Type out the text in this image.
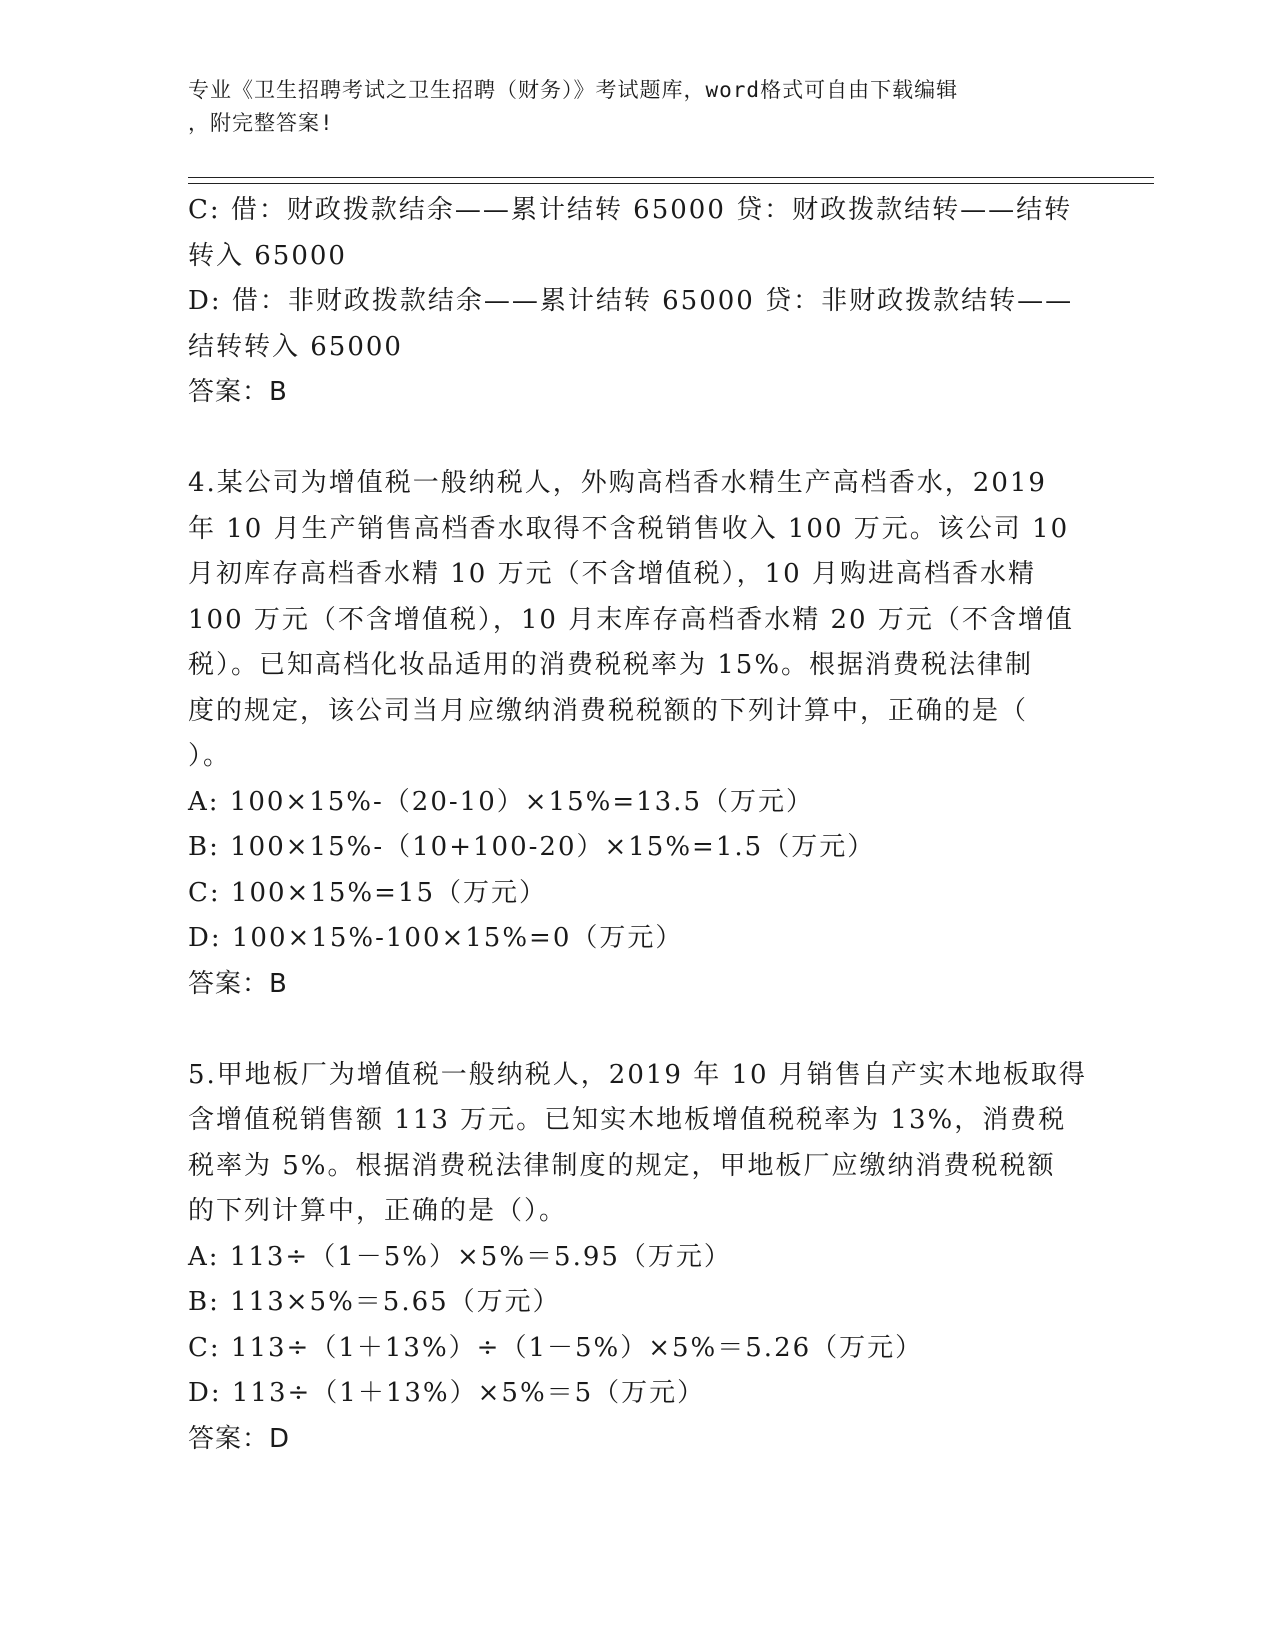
专业《卫生招聘考试之卫生招聘（财务）》考试题库，word格式可自由下载编辑
，附完整答案!
C: 借：财政拨款结余——累计结转 65000 贷：财政拨款结转——结转
转入 65000
D: 借：非财政拨款结余——累计结转 65000 贷：非财政拨款结转——
结转转入 65000
答案：B
4.某公司为增值税一般纳税人，外购高档香水精生产高档香水，2019
年 10 月生产销售高档香水取得不含税销售收入 100 万元。该公司 10
月初库存高档香水精 10 万元（不含增值税），10 月购进高档香水精
100 万元（不含增值税），10 月末库存高档香水精 20 万元（不含增值
税）。已知高档化妆品适用的消费税税率为 15%。根据消费税法律制
度的规定，该公司当月应缴纳消费税税额的下列计算中，正确的是（
）。
A: 100×15%-（20-10）×15%=13.5（万元）
B: 100×15%-（10+100-20）×15%=1.5（万元）
C: 100×15%=15（万元）
D: 100×15%-100×15%=0（万元）
答案：B
5.甲地板厂为增值税一般纳税人，2019 年 10 月销售自产实木地板取得
含增值税销售额 113 万元。已知实木地板增值税税率为 13%，消费税
税率为 5%。根据消费税法律制度的规定，甲地板厂应缴纳消费税税额
的下列计算中，正确的是（）。
A: 113÷（1－5%）×5%＝5.95（万元）
B: 113×5%＝5.65（万元）
C: 113÷（1＋13%）÷（1－5%）×5%＝5.26（万元）
D: 113÷（1＋13%）×5%＝5（万元）
答案：D
